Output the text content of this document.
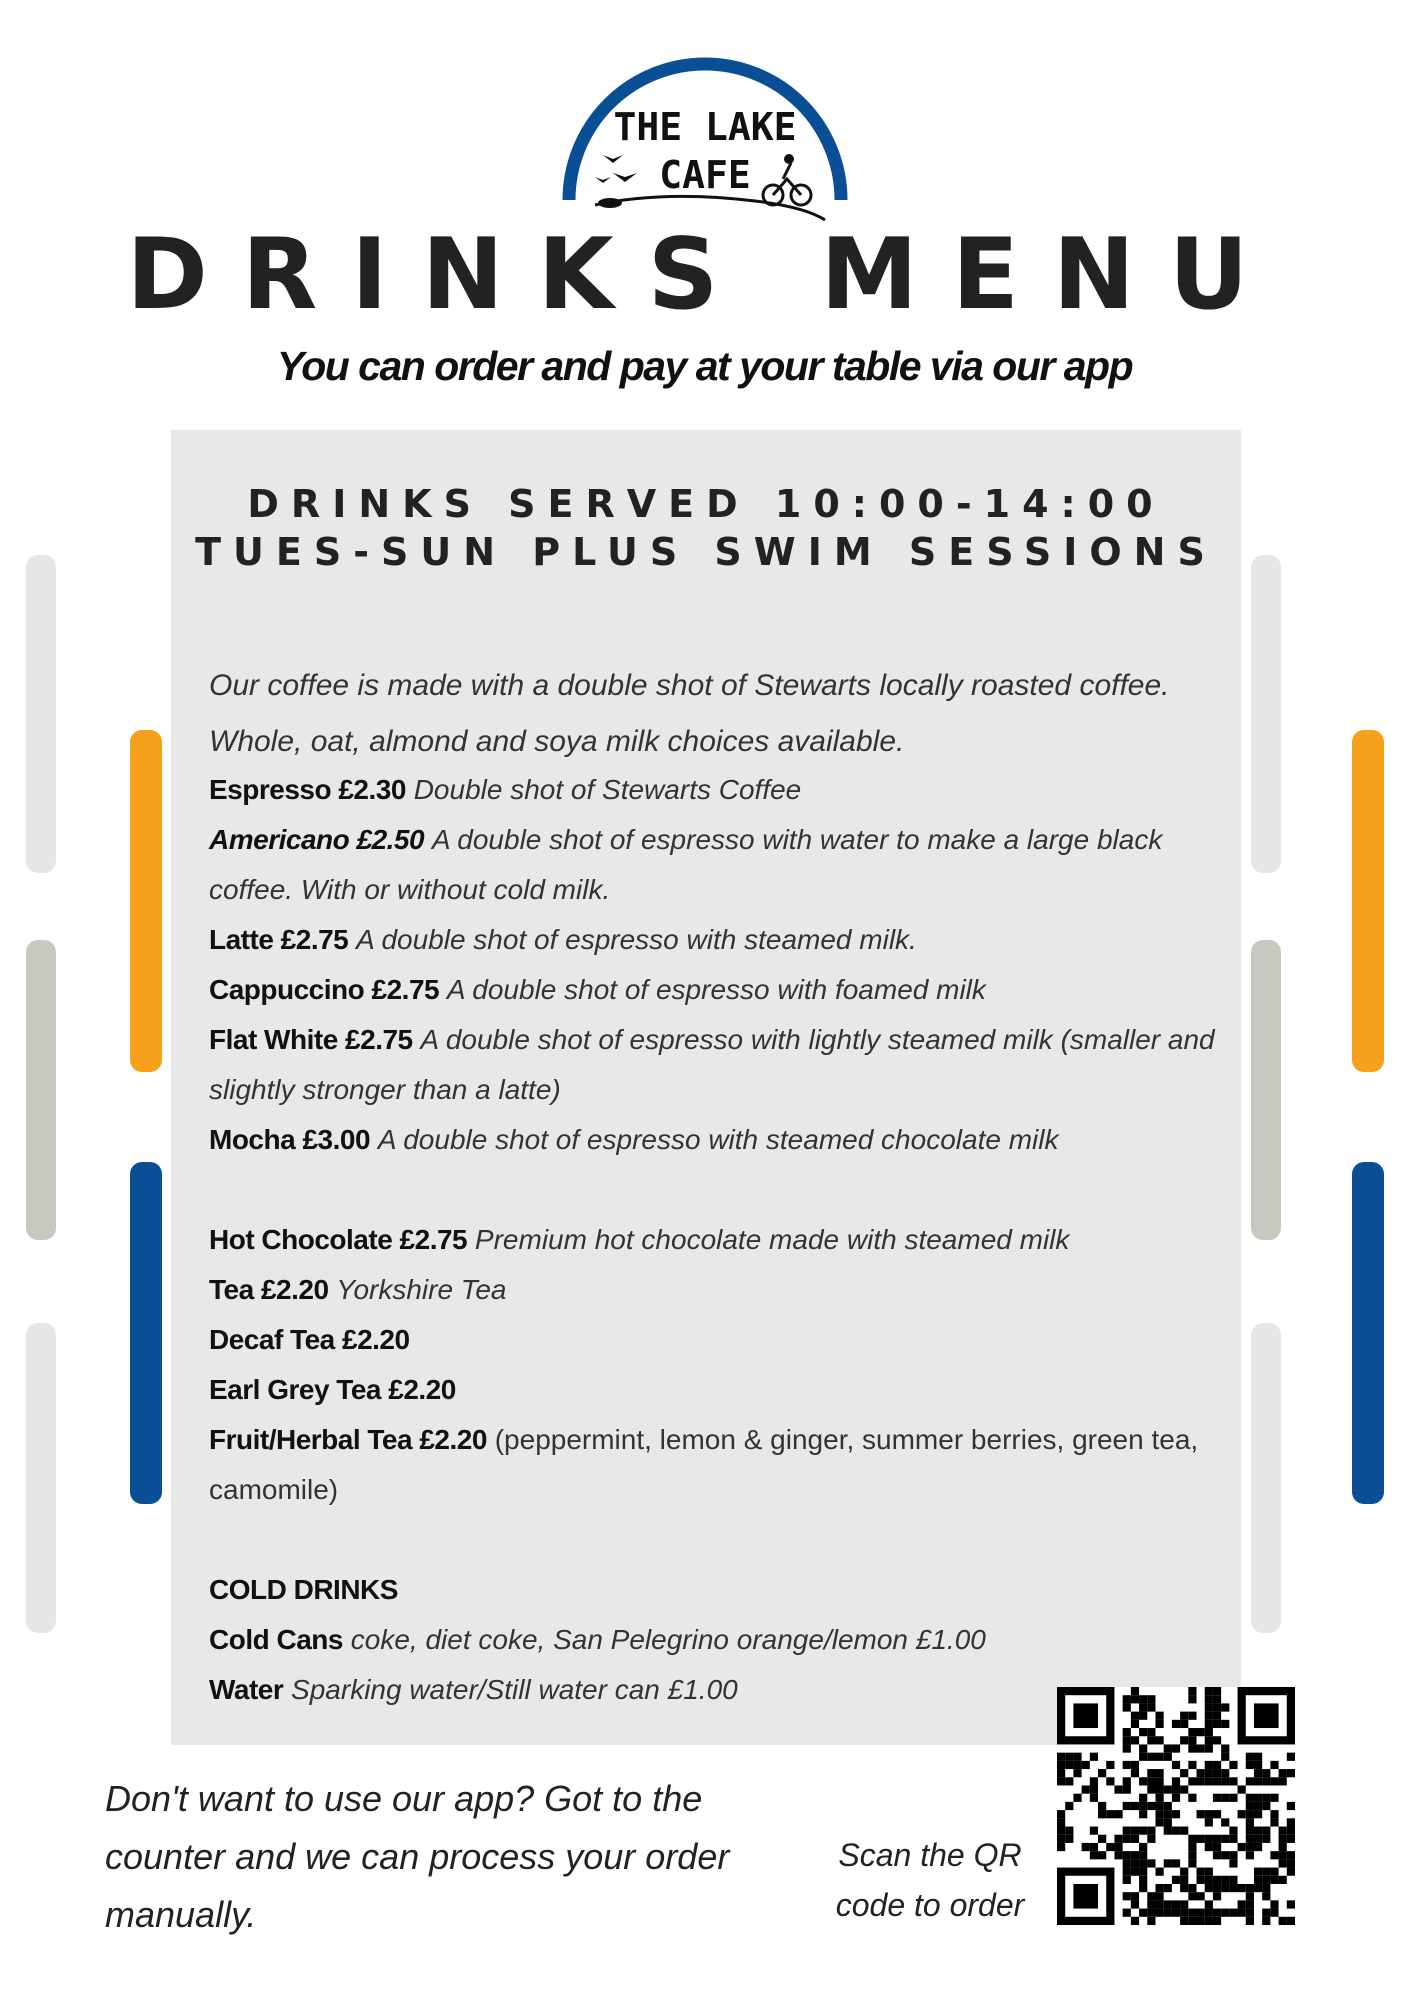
THE LAKE
CAFE
DRINKS MENU
You can order and pay at your table via our app
DRINKS SERVED 10:00-14:00
TUES-SUN PLUS SWIM SESSIONS
Our coffee is made with a double shot of Stewarts locally roasted coffee. Whole, oat, almond and soya milk choices available.
Espresso £2.30 Double shot of Stewarts Coffee
Americano £2.50 A double shot of espresso with water to make a large black coffee. With or without cold milk.
Latte £2.75 A double shot of espresso with steamed milk.
Cappuccino £2.75 A double shot of espresso with foamed milk
Flat White £2.75 A double shot of espresso with lightly steamed milk (smaller and slightly stronger than a latte)
Mocha £3.00 A double shot of espresso with steamed chocolate milk
Hot Chocolate £2.75 Premium hot chocolate made with steamed milk
Tea £2.20 Yorkshire Tea
Decaf Tea £2.20
Earl Grey Tea £2.20
Fruit/Herbal Tea £2.20 (peppermint, lemon & ginger, summer berries, green tea, camomile)
COLD DRINKS
Cold Cans coke, diet coke, San Pelegrino orange/lemon £1.00
Water Sparking water/Still water can £1.00
Don't want to use our app? Got to the counter and we can process your order manually.
Scan the QR code to order
